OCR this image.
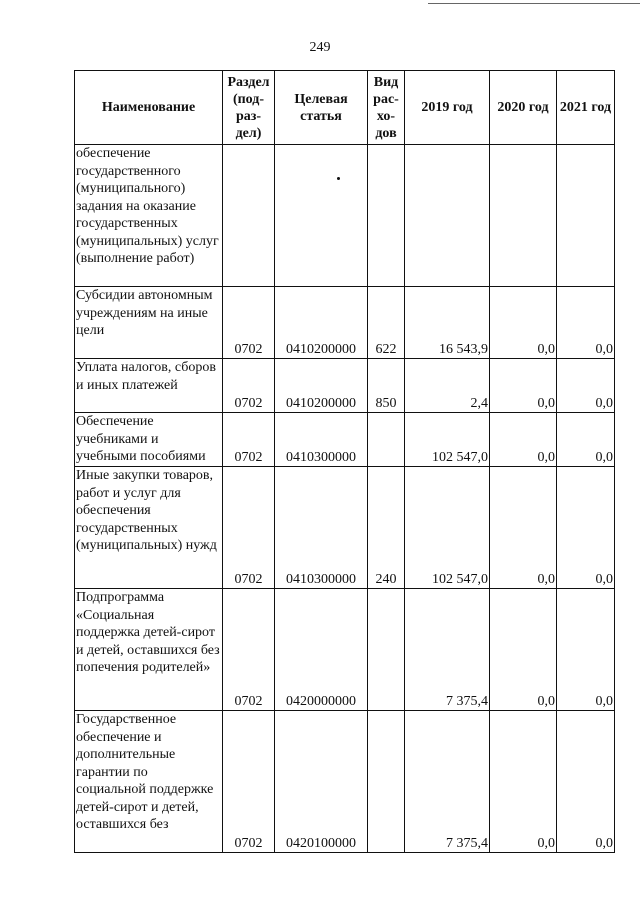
249
Наименование	Раздел (под-раз-дел)	Целевая статья	Вид рас-хо-дов	2019 год	2020 год	2021 год
обеспечение государственного (муниципального) задания на оказание государственных (муниципальных) услуг (выполнение работ)						
Субсидии автономным учреждениям на иные цели	0702	0410200000	622	16 543,9	0,0	0,0
Уплата налогов, сборов и иных платежей	0702	0410200000	850	2,4	0,0	0,0
Обеспечение учебниками и учебными пособиями	0702	0410300000		102 547,0	0,0	0,0
Иные закупки товаров, работ и услуг для обеспечения государственных (муниципальных) нужд	0702	0410300000	240	102 547,0	0,0	0,0
Подпрограмма «Социальная поддержка детей-сирот и детей, оставшихся без попечения родителей»	0702	0420000000		7 375,4	0,0	0,0
Государственное обеспечение и дополнительные гарантии по социальной поддержке детей-сирот и детей, оставшихся без	0702	0420100000		7 375,4	0,0	0,0
